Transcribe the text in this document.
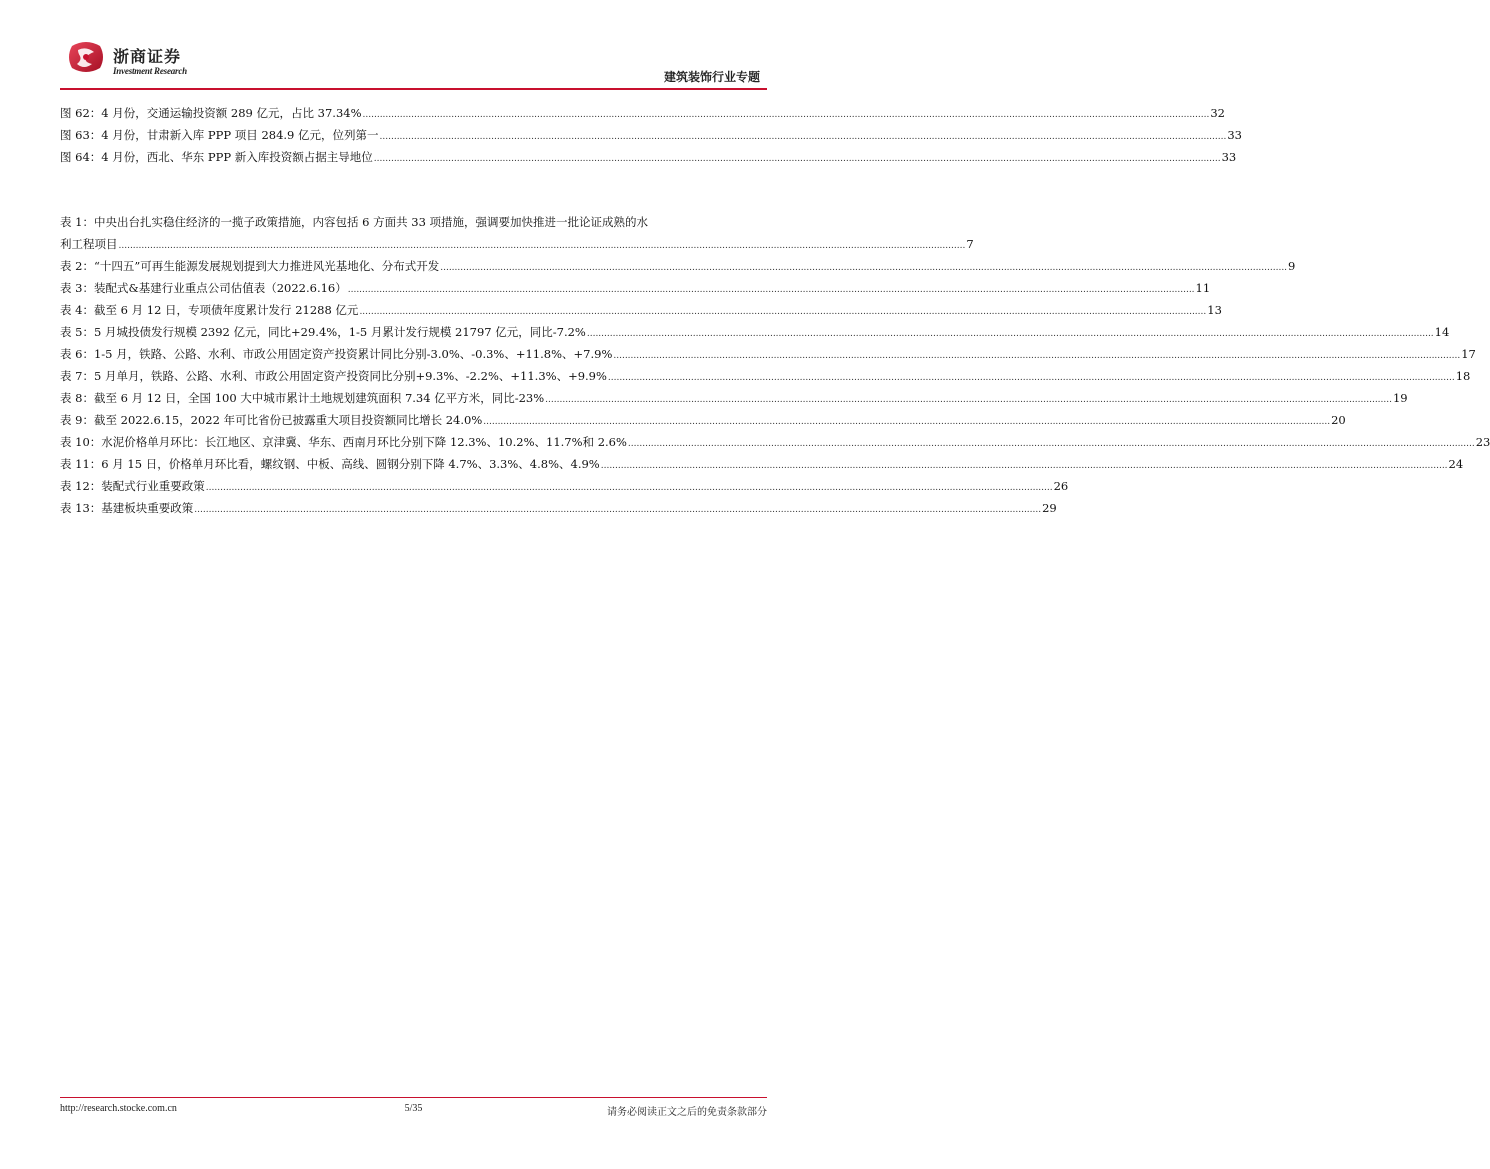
浙商证券
Investment Research	建筑装饰行业专题
图 62：4 月份，交通运输投资额 289 亿元，占比 37.34% .....	32
图 63：4 月份，甘肃新入库 PPP 项目 284.9 亿元，位列第一 .....	33
图 64：4 月份，西北、华东 PPP 新入库投资额占据主导地位 .....	33
表 1：中央出台扎实稳住经济的一揽子政策措施，内容包括 6 方面共 33 项措施，强调要加快推进一批论证成熟的水
利工程项目 .....	7
表 2：“十四五”可再生能源发展规划提到大力推进风光基地化、分布式开发 .....	9
表 3：装配式&基建行业重点公司估值表（2022.6.16） .....	11
表 4：截至 6 月 12 日，专项债年度累计发行 21288 亿元 .....	13
表 5：5 月城投债发行规模 2392 亿元，同比+29.4%，1-5 月累计发行规模 21797 亿元，同比-7.2% .....	14
表 6：1-5 月，铁路、公路、水利、市政公用固定资产投资累计同比分别-3.0%、-0.3%、+11.8%、+7.9% .....	17
表 7：5 月单月，铁路、公路、水利、市政公用固定资产投资同比分别+9.3%、-2.2%、+11.3%、+9.9% .....	18
表 8：截至 6 月 12 日，全国 100 大中城市累计土地规划建筑面积 7.34 亿平方米，同比-23% .....	19
表 9：截至 2022.6.15，2022 年可比省份已披露重大项目投资额同比增长 24.0% .....	20
表 10：水泥价格单月环比：长江地区、京津冀、华东、西南月环比分别下降 12.3%、10.2%、11.7%和 2.6% .....	23
表 11：6 月 15 日，价格单月环比看，螺纹钢、中板、高线、圆钢分别下降 4.7%、3.3%、4.8%、4.9% .....	24
表 12：装配式行业重要政策 .....	26
表 13：基建板块重要政策 .....	29
http://research.stocke.com.cn	5/35	请务必阅读正文之后的免责条款部分
